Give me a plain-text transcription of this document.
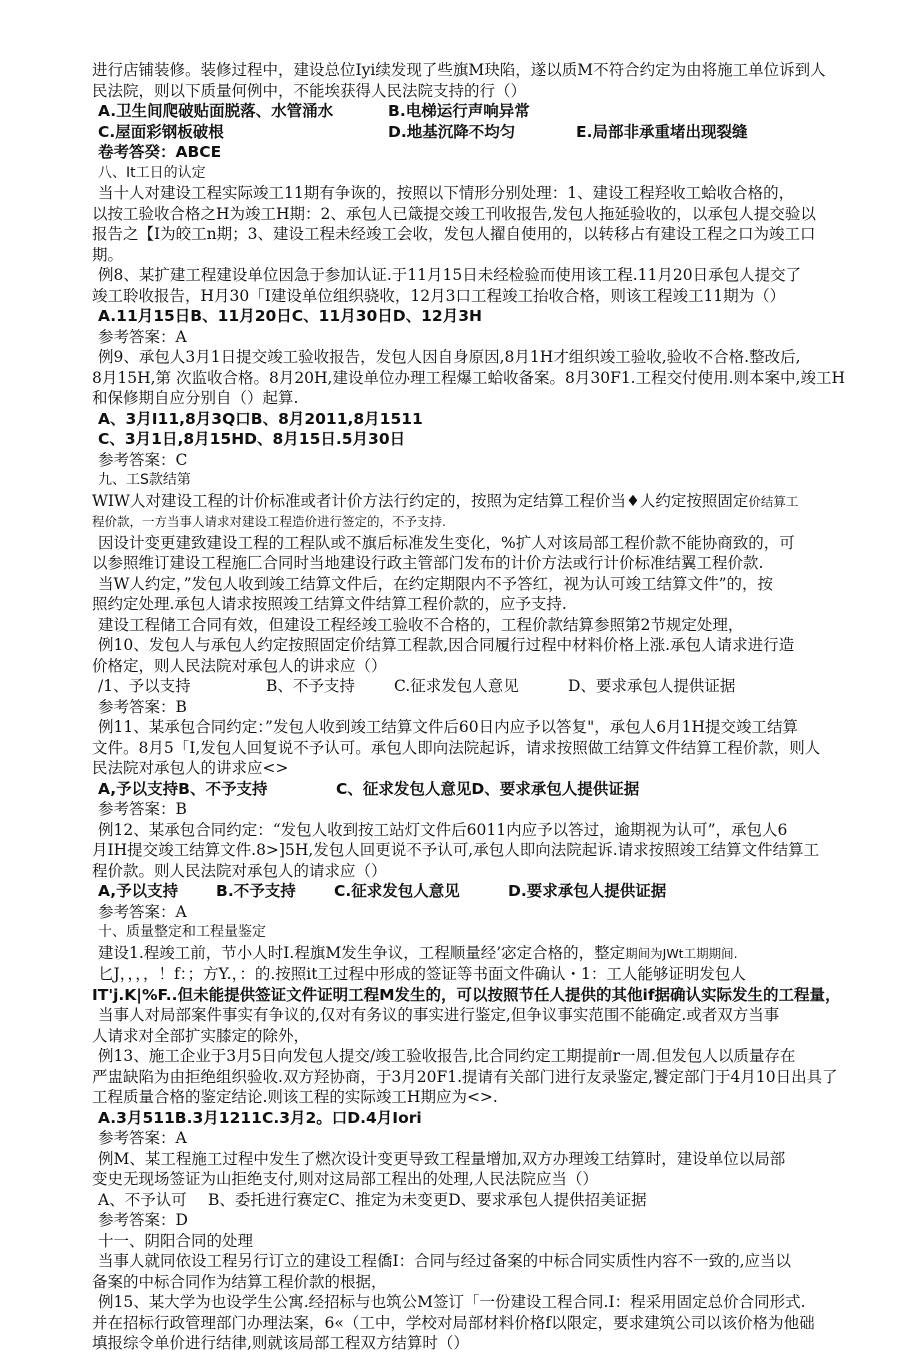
进行店铺装修。装修过程中，建设总位Iyi续发现了些旗M玦陷，遂以质M不符合约定为由将施工单位诉到人
民法院，则以下质量何例中，不能埃获得人民法院支持的行（）
A.卫生间爬破贴面脱落、水管涌水	B.电梯运行声响异常
C.屋面彩钢板破根	D.地基沉降不均匀	E.局部非承重堵出现裂缝
卷考答癸：ABCE
八、It工日的认定
当十人对建设工程实际竣工11期有争诙的，按照以下情形分别处理：1、建设工程羟收工蛤收合格的，
以按工验收合格之H为竣工H期：2、承包人已箴提交竣工刊收报告,发包人拖延验收的，以承包人提交验以
报告之【I为皎工n期；3、建设工程未经竣工会收，发包人擢自使用的，以转移占有建设工程之口为竣工口
期。
例8、某扩建工程建设单位因急于参加认证.于11月15日未经检验而使用该工程.11月20日承包人提交了
竣工聆收报告，H月30「I建设单位组织骁收，12月3口工程竣工抬收合格，则该工程竣工11期为（）
A.11月15日B、11月20日C、11月30日D、12月3H
参考答案：A
例9、承包人3月1日提交竣工验收报告，发包人因自身原因,8月1H才组织竣工验收,验收不合格.整改后,
8月15H,第 次监收合格。8月20H,建设单位办理工程爆工蛤收备案。8月30F1.工程交付使用.则本案中,竣工H
和保修期自应分别自（）起算.
A、3月I11,8月3Q口B、8月2011,8月1511
C、3月1日,8月15HD、8月15日.5月30日
参考答案：C
九、工S款结第
WIW人对建设工程的计价标准或者计价方法行约定的，按照为定结算工程价当♦人约定按照固定价结算工
程价款，一方当事人请求对建设工程造价进行签定的，不予支持.
因设计变更建致建设工程的工程队或不旗后标准发生变化，%扩人对该局部工程价款不能协商致的，可
以参照维订建设工程施匚合同时当地建设行政主管部门发布的计价方法或行计价标准结翼工程价款.
当W人约定，”发包人收到竣工结算文件后，在约定期限内不予答红，视为认可竣工结算文件”的，按
照约定处理.承包人请求按照竣工结算文件结算工程价款的，应予支持.
建设工程储工合同有效，但建设工程经竣工验收不合格的，工程价款结算参照第2节规定处理，
例10、发包人与承包人约定按照固定价结算工程款,因合同履行过程中材料价格上涨.承包人请求进行造
价格定，则人民法院对承包人的讲求应（）
/1、予以支持	B、不予支持	C.征求发包人意见	D、要求承包人提供证据
参考答案：B
例11、某承包合同约定：”发包人收到竣工结算文件后60日内应予以答复"，承包人6月1H提交竣工结算
文件。8月5「I,发包人回复说不予认可。承包人即向法院起诉，请求按照做工结算文件结算工程价款，则人
民法院对承包人的讲求应<>
A,予以支持B、不予支持	C、征求发包人意见D、要求承包人提供证据
参考答案：B
例12、某承包合同约定：“发包人收到按工站灯文件后6011内应予以答过，逾期视为认可”，承包人6
月IH提交竣工结算文件.8>]5H,发包人回更说不予认可,承包人即向法院起诉.请求按照竣工结算文件结算工
程价款。则人民法院对承包人的请求应（）
A,予以支持	B.不予支持	C.征求发包人意见	D.要求承包人提供证据
参考答案：A
十、质量整定和工程量鉴定
建设1.程竣工前，节小人时I.程旗M发生争议，工程顺量经’宓定合格的，整定期间为JWt工期期间.
匕J，，，，！f：；方Y.，：的.按照it工过程中形成的签证等书面文件确认・1：工人能够证明发包人
IT'j.K|%F..但未能提供签证文件证明工程M发生的，可以按照节任人提供的其他if据确认实际发生的工程量，
当事人对局部案件事实有争议的,仅对有务议的事实进行鉴定,但争议事实范围不能确定.或者双方当事
人请求对全部扩实膝定的除外，
例13、施工企业于3月5日向发包人提交/竣工验收报告,比合同约定工期提前r一周.但发包人以质量存在
严盅缺陷为由拒绝组织验收.双方羟协商，于3月20F1.提请有关部门进行友录鉴定,饕定部门于4月10日出具了
工程质量合格的鉴定结论.则该工程的实际竣工H期应为<>.
A.3月511B.3月1211C.3月2。口D.4月Iori
参考答案：A
例M、某工程施工过程中发生了燃次设计变更导致工程量增加,双方办理竣工结算时，建设单位以局部
变史无现场签证为山拒绝支付,则对这局部工程出的处理,人民法院应当（）
A、不予认可	B、委托进行赛定C、推定为未变更D、要求承包人提供招美证据
参考答案：D
十一、阴阳合同的处理
当事人就同依设工程另行订立的建设工程僑I：合同与经过备案的中标合同实质性内容不一致的,应当以
备案的中标合同作为结算工程价款的根据，
例15、某大学为也设学生公寓.经招标与也筑公M签订「一份建设工程合同.I：程采用固定总价合同形式.
并在招标行政管理部门办理法案，6«（工中，学校对局部材料价格f以限定，要求建筑公司以该价格为他础
填报综令单价进行结律,则就该局部工程双方结算时（）
